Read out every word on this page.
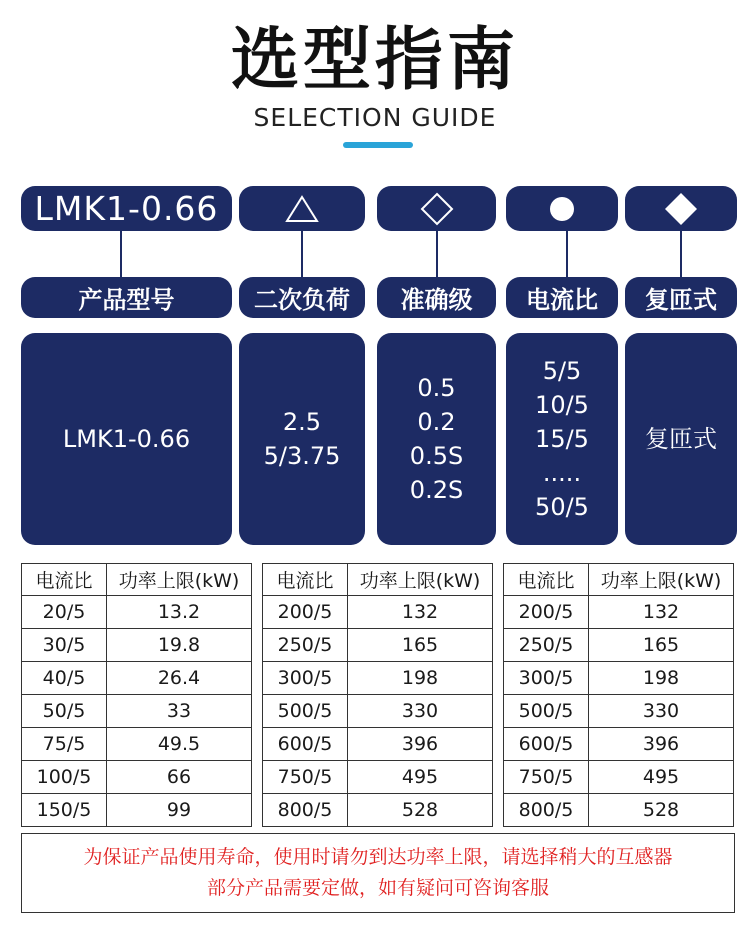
选型指南
SELECTION GUIDE
LMK1-0.66
产品型号	二次负荷	准确级	电流比	复匝式
LMK1-0.66
2.5
5/3.75
0.5
0.2
0.5S
0.2S
5/5
10/5
15/5
.....
50/5
复匝式
电流比	功率上限(kW)
20/5	13.2
30/5	19.8
40/5	26.4
50/5	33
75/5	49.5
100/5	66
150/5	99
电流比	功率上限(kW)
200/5	132
250/5	165
300/5	198
500/5	330
600/5	396
750/5	495
800/5	528
电流比	功率上限(kW)
200/5	132
250/5	165
300/5	198
500/5	330
600/5	396
750/5	495
800/5	528
为保证产品使用寿命，使用时请勿到达功率上限，请选择稍大的互感器
部分产品需要定做，如有疑问可咨询客服
